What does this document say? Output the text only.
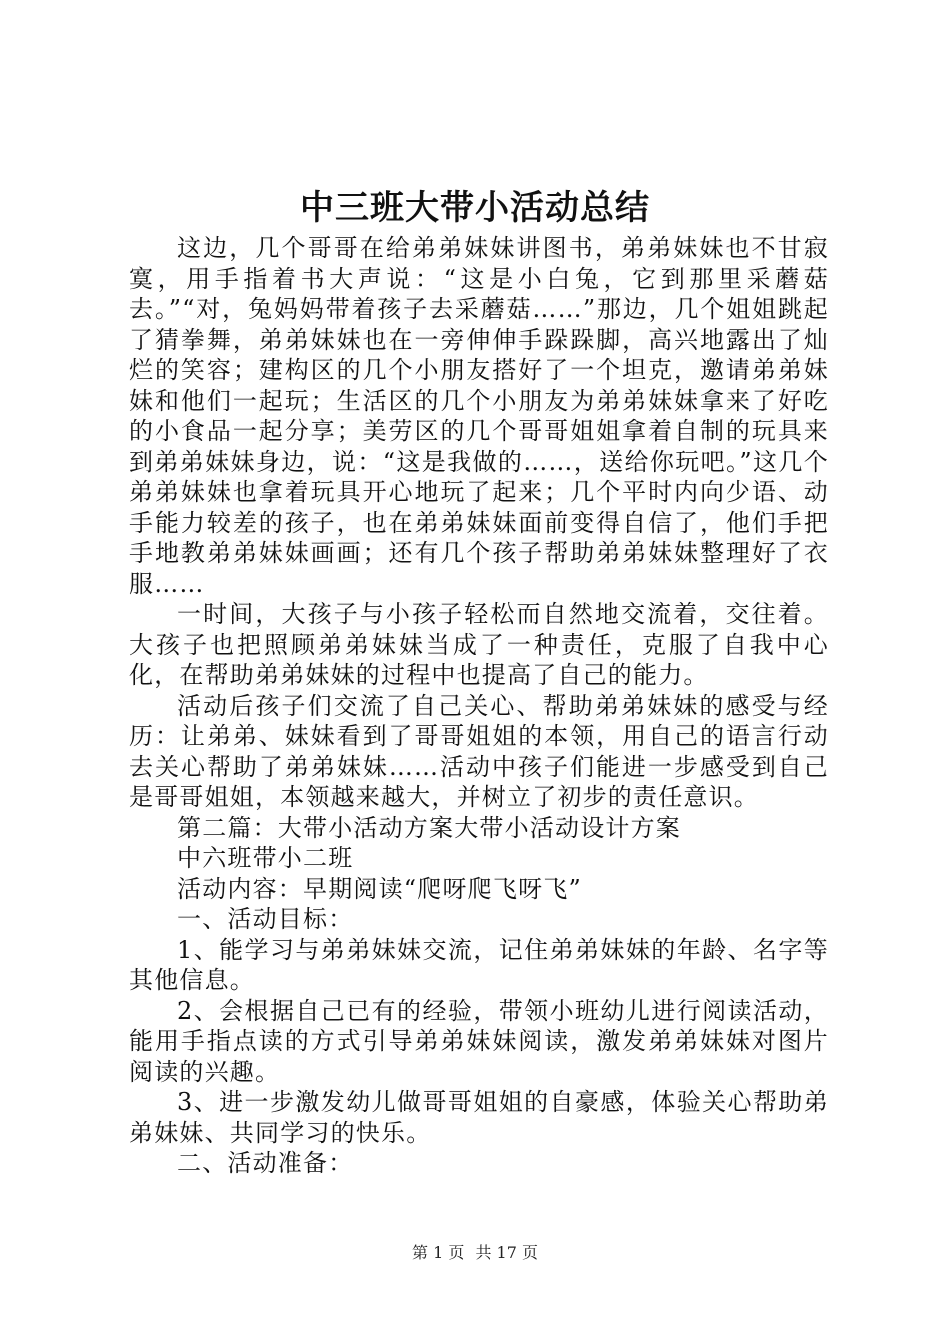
中三班大带小活动总结

这边，几个哥哥在给弟弟妹妹讲图书，弟弟妹妹也不甘寂寞，用手指着书大声说：“这是小白兔，它到那里采蘑菇去。”“对，兔妈妈带着孩子去采蘑菇……”那边，几个姐姐跳起了猜拳舞，弟弟妹妹也在一旁伸伸手跺跺脚，高兴地露出了灿烂的笑容；建构区的几个小朋友搭好了一个坦克，邀请弟弟妹妹和他们一起玩；生活区的几个小朋友为弟弟妹妹拿来了好吃的小食品一起分享；美劳区的几个哥哥姐姐拿着自制的玩具来到弟弟妹妹身边，说：“这是我做的……，送给你玩吧。”这几个弟弟妹妹也拿着玩具开心地玩了起来；几个平时内向少语、动手能力较差的孩子，也在弟弟妹妹面前变得自信了，他们手把手地教弟弟妹妹画画；还有几个孩子帮助弟弟妹妹整理好了衣服……

一时间，大孩子与小孩子轻松而自然地交流着，交往着。大孩子也把照顾弟弟妹妹当成了一种责任，克服了自我中心化，在帮助弟弟妹妹的过程中也提高了自己的能力。

活动后孩子们交流了自己关心、帮助弟弟妹妹的感受与经历：让弟弟、妹妹看到了哥哥姐姐的本领，用自己的语言行动去关心帮助了弟弟妹妹……活动中孩子们能进一步感受到自己是哥哥姐姐，本领越来越大，并树立了初步的责任意识。

第二篇：大带小活动方案大带小活动设计方案

中六班带小二班

活动内容：早期阅读“爬呀爬飞呀飞”

一、活动目标：

1、能学习与弟弟妹妹交流，记住弟弟妹妹的年龄、名字等其他信息。

2、会根据自己已有的经验，带领小班幼儿进行阅读活动，能用手指点读的方式引导弟弟妹妹阅读，激发弟弟妹妹对图片阅读的兴趣。

3、进一步激发幼儿做哥哥姐姐的自豪感，体验关心帮助弟弟妹妹、共同学习的快乐。

二、活动准备：

第 1 页 共 17 页
